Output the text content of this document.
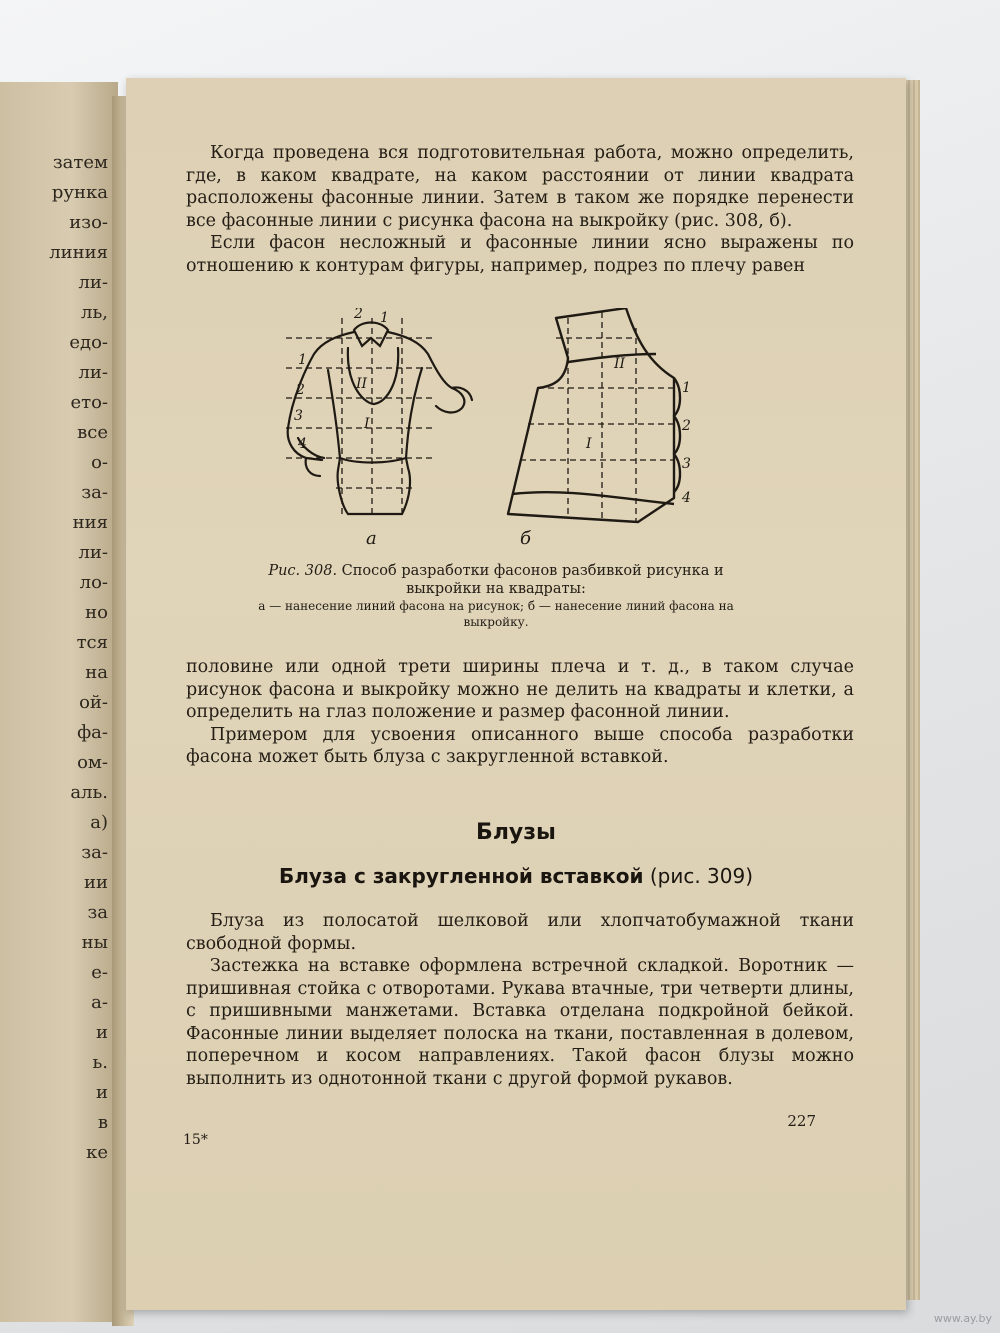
затем
рунка
изо-
линия
ли-
ль,
едо-
ли-
ето-
все
о-
за-
ния
ли-
ло-
но
тся
на
ой-
фа-
ом-
аль.
а)
за-
ии
за
ны
е-
а-
и
ь.
и
в
ке

Когда проведена вся подготовительная работа, можно определить, где, в каком квадрате, на каком расстоянии от линии квадрата расположены фасонные линии. Затем в таком же порядке перенести все фасонные линии с рисунка фасона на выкройку (рис. 308, б).

Если фасон несложный и фасонные линии ясно выражены по отношению к контурам фигуры, например, подрез по плечу равен

2 1
1
2
3
4
II
I
а
II
I
1
2
3
4
б
Рис. 308. Способ разработки фасонов разбивкой рисунка и выкройки на квадраты:
а — нанесение линий фасона на рисунок; б — нанесение линий фасона на выкройку.

половине или одной трети ширины плеча и т. д., в таком случае рисунок фасона и выкройку можно не делить на квадраты и клетки, а определить на глаз положение и размер фасонной линии.

Примером для усвоения описанного выше способа разработки фасона может быть блуза с закругленной вставкой.

Блузы
Блуза с закругленной вставкой (рис. 309)

Блуза из полосатой шелковой или хлопчатобумажной ткани свободной формы.

Застежка на вставке оформлена встречной складкой. Воротник — пришивная стойка с отворотами. Рукава втачные, три четверти длины, с пришивными манжетами. Вставка отделана подкройной бейкой. Фасонные линии выделяет полоска на ткани, поставленная в долевом, поперечном и косом направлениях. Такой фасон блузы можно выполнить из однотонной ткани с другой формой рукавов.

227
15*
www.ay.by
